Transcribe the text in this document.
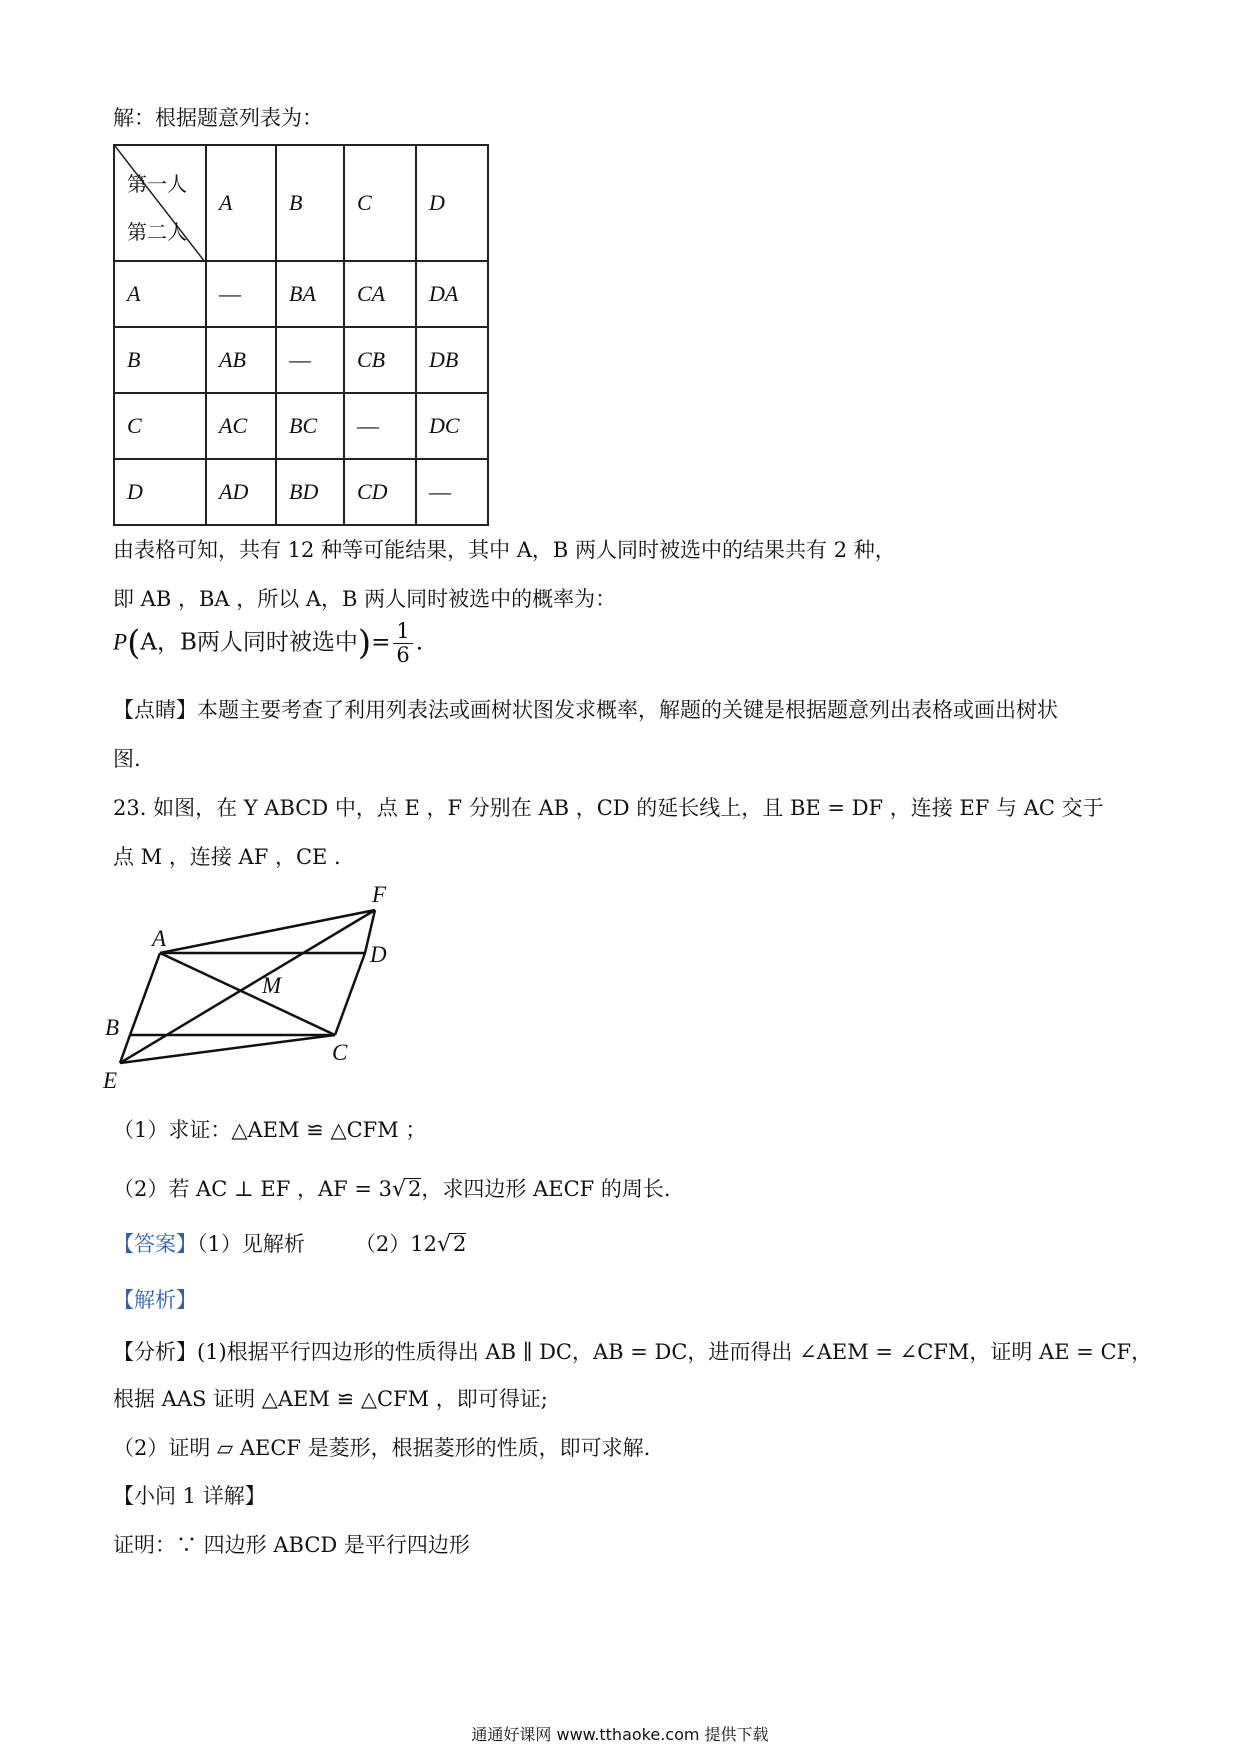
解：根据题意列表为：
第一人
第二人	A	B	C	D
A	—	BA	CA	DA
B	AB	—	CB	DB
C	AC	BC	—	DC
D	AD	BD	CD	—
由表格可知，共有 12 种等可能结果，其中 A，B 两人同时被选中的结果共有 2 种，
即 AB ，BA ，所以 A，B 两人同时被选中的概率为：
P(A，B两人同时被选中)= $\frac{1}{6}$ .
【点睛】本题主要考查了利用列表法或画树状图发求概率，解题的关键是根据题意列出表格或画出树状
图.
23. 如图，在 Y ABCD 中，点 E ，F 分别在 AB ，CD 的延长线上，且 BE = DF ，连接 EF 与 AC 交于
点 M ，连接 AF ，CE .
A
D
B
C
E
F
M
（1）求证：△AEM ≌ △CFM ；
（2）若 AC ⊥ EF ，AF = 3√2，求四边形 AECF 的周长.
【答案】（1）见解析 （2）12√2
【解析】
【分析】(1)根据平行四边形的性质得出 AB ∥ DC，AB = DC，进而得出 ∠AEM = ∠CFM，证明 AE = CF，
根据 AAS 证明 △AEM ≌ △CFM ，即可得证;
（2）证明 ▱ AECF 是菱形，根据菱形的性质，即可求解.
【小问 1 详解】
证明：∵ 四边形 ABCD 是平行四边形
通通好课网 www.tthaoke.com 提供下载
